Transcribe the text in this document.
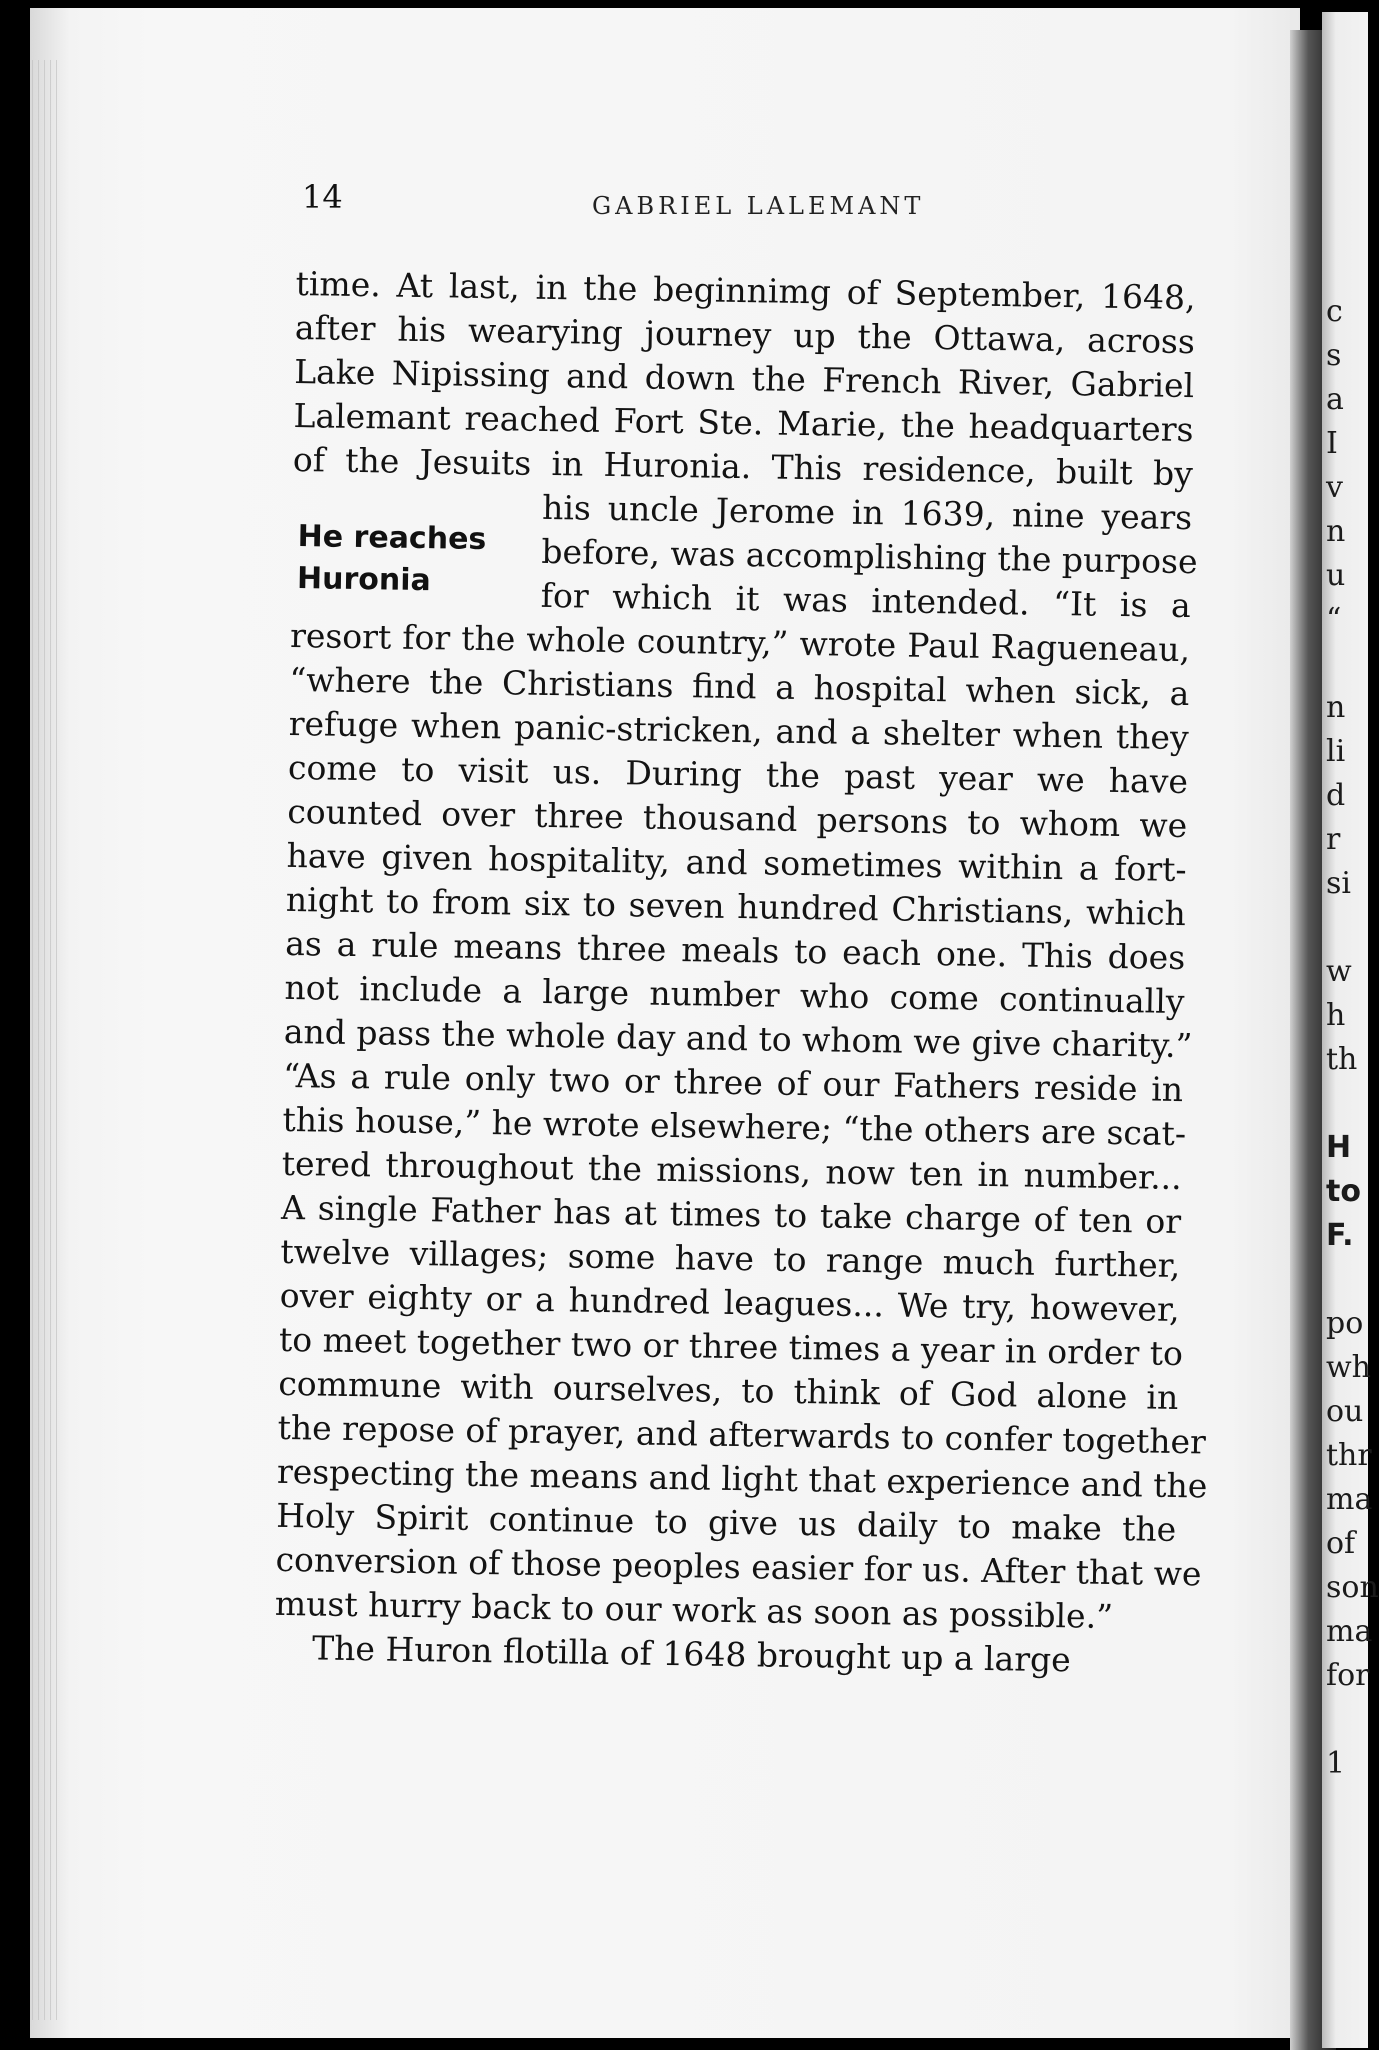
c
s
a
I
v
n
u
“
n
li
d
r
si
w
h
th
H
to
F.
po
wh
ou
thr
ma
of
son
ma
for
1
14	GABRIEL LALEMANT
He reaches
Huronia
time. At last, in the beginnimg of September, 1648,
after his wearying journey up the Ottawa, across
Lake Nipissing and down the French River, Gabriel
Lalemant reached Fort Ste. Marie, the headquarters
of the Jesuits in Huronia. This residence, built by
his uncle Jerome in 1639, nine years
before, was accomplishing the purpose
for which it was intended. “It is a
resort for the whole country,” wrote Paul Ragueneau,
“where the Christians find a hospital when sick, a
refuge when panic-stricken, and a shelter when they
come to visit us. During the past year we have
counted over three thousand persons to whom we
have given hospitality, and sometimes within a fort-
night to from six to seven hundred Christians, which
as a rule means three meals to each one. This does
not include a large number who come continually
and pass the whole day and to whom we give charity.”
“As a rule only two or three of our Fathers reside in
this house,” he wrote elsewhere; “the others are scat-
tered throughout the missions, now ten in number...
A single Father has at times to take charge of ten or
twelve villages; some have to range much further,
over eighty or a hundred leagues... We try, however,
to meet together two or three times a year in order to
commune with ourselves, to think of God alone in
the repose of prayer, and afterwards to confer together
respecting the means and light that experience and the
Holy Spirit continue to give us daily to make the
conversion of those peoples easier for us. After that we
must hurry back to our work as soon as possible.”
The Huron flotilla of 1648 brought up a large
